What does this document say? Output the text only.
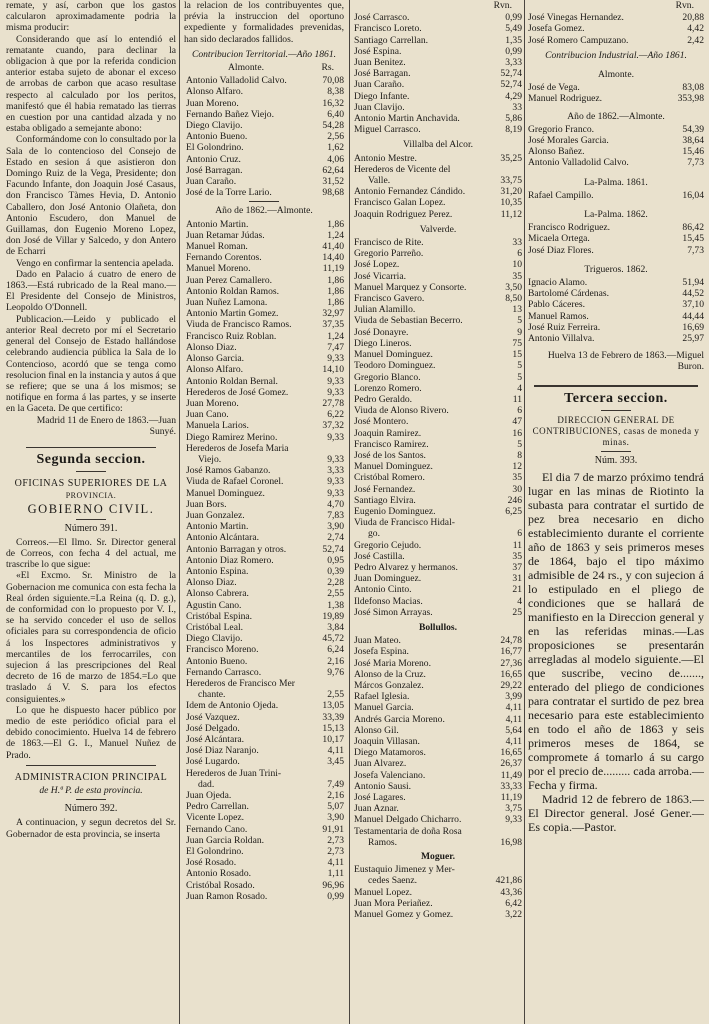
remate, y así, carbon que los gastos calcularon aproximadamente podria la misma producir:

Considerando que así lo entendió el rematante cuando, para declinar la obligacion à que por la referida condicion anterior estaba sujeto de abonar el exceso de arrobas de carbon que acaso resultase respecto al calculado por los peritos, manifestó que él habia rematado las tierras en cuestion por una cantidad alzada y no estaba obligado a semejante abono:

Conformándome con lo consultado por la Sala de lo contencioso del Consejo de Estado en sesion á que asistieron don Domingo Ruiz de la Vega, Presidente; don Facundo Infante, don Joaquin José Casaus, don Francisco Tàmes Hevia, D. Antonio Caballero, don José Antonio Olañeta, don Antonio Escudero, don Manuel de Guillamas, don Eugenio Moreno Lopez, don José de Villar y Salcedo, y don Antero de Echarri

Vengo en confirmar la sentencia apelada.

Dado en Palacio á cuatro de enero de 1863.—Está rubricado de la Real mano.—El Presidente del Consejo de Ministros, Leopoldo O'Donnell.

Publicacion.—Leido y publicado el anterior Real decreto por mí el Secretario general del Consejo de Estado hallándose celebrando audiencia pública la Sala de lo Contencioso, acordó que se tenga como resolucion final en la instancia y autos á que se refiere; que se una á los mismos; se notifique en forma á las partes, y se inserte en la Gaceta. De que certifico:

Madrid 11 de Enero de 1863.—Juan Sunyé.

Segunda seccion.
OFICINAS SUPERIORES DE LA
PROVINCIA.
GOBIERNO CIVIL.
Número 391.

Correos.—El Ilmo. Sr. Director general de Correos, con fecha 4 del actual, me trascribe lo que sigue:

«El Excmo. Sr. Ministro de la Gobernacion me comunica con esta fecha la Real órden siguiente.=La Reina (q. D. g.), de conformidad con lo propuesto por V. I., se ha servido conceder el uso de sellos oficiales para su correspondencia de oficio á los Inspectores administrativos y mercantiles de los ferrocarriles, con sujecion á las prescripciones del Real decreto de 16 de marzo de 1854.=Lo que traslado á V. S. para los efectos consiguientes.»

Lo que he dispuesto hacer público por medio de este periódico oficial para el debido conocimiento. Huelva 14 de febrero de 1863.—El G. I., Manuel Nuñez de Prado.

ADMINISTRACION PRINCIPAL
de H.ª P. de esta provincia.
Número 392.

A continuacion, y segun decretos del Sr. Gobernador de esta provincia, se inserta

la relacion de los contribuyentes que, prévia la instruccion del oportuno expediente y formalidades prevenidas, han sido declarados fallidos.

Contribucion Territorial.—Año 1861.
Almonte.	Rs.
Antonio Valladolid Calvo.	70,08
Alonso Alfaro.	8,38
Juan Moreno.	16,32
Fernando Bañez Viejo.	6,40
Diego Clavijo.	54,28
Antonio Bueno.	2,56
El Golondrino.	1,62
Antonio Cruz.	4,06
José Barragan.	62,64
Juan Caraño.	31,52
José de la Torre Lario.	98,68
Año de 1862.—Almonte.
Antonio Martin.	1,86
Juan Retamar Júdas.	1,24
Manuel Roman.	41,40
Fernando Corentos.	14,40
Manuel Moreno.	11,19
Juan Perez Camallero.	1,86
Antonio Roldan Ramos.	1,86
Juan Nuñez Lamona.	1,86
Antonio Martin Gomez.	32,97
Viuda de Francisco Ramos.	37,35
Francisco Ruiz Roblan.	1,24
Alonso Diaz.	7,47
Alonso Garcia.	9,33
Alonso Alfaro.	14,10
Antonio Roldan Bernal.	9,33
Herederos de José Gomez.	9,33
Juan Moreno.	27,78
Juan Cano.	6,22
Manuela Larios.	37,32
Diego Ramirez Merino.	9,33
Herederos de Josefa Maria
Viejo.	9,33
José Ramos Gabanzo.	3,33
Viuda de Rafael Coronel.	9,33
Manuel Dominguez.	9,33
Juan Bors.	4,70
Juan Gonzalez.	7,83
Antonio Martin.	3,90
Antonio Alcántara.	2,74
Antonio Barragan y otros.	52,74
Antonio Diaz Romero.	0,95
Antonio Espina.	0,39
Alonso Diaz.	2,28
Alonso Cabrera.	2,55
Agustin Cano.	1,38
Cristóbal Espina.	19,89
Cristóbal Leal.	3,84
Diego Clavijo.	45,72
Francisco Moreno.	6,24
Antonio Bueno.	2,16
Fernando Carrasco.	9,76
Herederos de Francisco Mer
chante.	2,55
Idem de Antonio Ojeda.	13,05
José Vazquez.	33,39
José Delgado.	15,13
José Alcántara.	10,17
José Diaz Naranjo.	4,11
José Lugardo.	3,45
Herederos de Juan Trini-
dad.	7,49
Juan Ojeda.	2,16
Pedro Carrellan.	5,07
Vicente Lopez.	3,90
Fernando Cano.	91,91
Juan Garcia Roldan.	2,73
El Golondrino.	2,73
José Rosado.	4,11
Antonio Rosado.	1,11
Cristóbal Rosado.	96,96
Juan Ramon Rosado.	0,99
Rvn.
José Carrasco.	0,99
Francisco Loreto.	5,49
Santiago Carrellan.	1,35
José Espina.	0,99
Juan Benitez.	3,33
José Barragan.	52,74
Juan Caraño.	52,74
Diego Infante.	4,29
Juan Clavijo.	33
Antonio Martin Anchavida.	5,86
Miguel Carrasco.	8,19
Villalba del Alcor.
Antonio Mestre.	35,25
Herederos de Vicente del
Valle.	33,75
Antonio Fernandez Cándido.	31,20
Francisco Galan Lopez.	10,35
Joaquin Rodriguez Perez.	11,12
Valverde.
Francisco de Rite.	33
Gregorio Parreño.	6
José Lopez.	10
José Vicarria.	35
Manuel Marquez y Consorte.	3,50
Francisco Gavero.	8,50
Julian Alamillo.	13
Viuda de Sebastian Becerro.	5
José Donayre.	9
Diego Lineros.	75
Manuel Dominguez.	15
Teodoro Dominguez.	5
Gregorio Blanco.	5
Lorenzo Romero.	4
Pedro Geraldo.	11
Viuda de Alonso Rivero.	6
José Montero.	47
Joaquin Ramirez.	16
Francisco Ramirez.	5
José de los Santos.	8
Manuel Dominguez.	12
Cristóbal Romero.	35
José Fernandez.	30
Santiago Elvira.	246
Eugenio Dominguez.	6,25
Viuda de Francisco Hidal-
go.	6
Gregorio Cejudo.	11
José Castilla.	35
Pedro Alvarez y hermanos.	37
Juan Dominguez.	31
Antonio Cinto.	21
Ildefonso Macias.	4
José Simon Arrayas.	25
Bollullos.
Juan Mateo.	24,78
Josefa Espina.	16,77
José Maria Moreno.	27,36
Alonso de la Cruz.	16,65
Márcos Gonzalez.	29,22
Rafael Iglesia.	3,99
Manuel Garcia.	4,11
Andrés Garcia Moreno.	4,11
Alonso Gil.	5,64
Joaquin Villasan.	4,11
Diego Matamoros.	16,65
Juan Alvarez.	26,37
Josefa Valenciano.	11,49
Antonio Sausi.	33,33
José Lagares.	11,19
Juan Aznar.	3,75
Manuel Delgado Chicharro.	9,33
Testamentaria de doña Rosa
Ramos.	16,98
Moguer.
Eustaquio Jimenez y Mer-
cedes Saenz.	421,86
Manuel Lopez.	43,36
Juan Mora Periañez.	6,42
Manuel Gomez y Gomez.	3,22
Rvn.
José Vinegas Hernandez.	20,88
Josefa Gomez.	4,42
José Romero Campuzano.	2,42
Contribucion Industrial.—Año 1861.
Almonte.
José de Vega.	83,08
Manuel Rodriguez.	353,98
Año de 1862.—Almonte.
Gregorio Franco.	54,39
José Morales Garcia.	38,64
Alonso Bañez.	15,46
Antonio Valladolid Calvo.	7,73
La-Palma. 1861.
Rafael Campillo.	16,04
La-Palma. 1862.
Francisco Rodriguez.	86,42
Micaela Ortega.	15,45
José Diaz Flores.	7,73
Trigueros. 1862.
Ignacio Alamo.	51,94
Bartolomé Cárdenas.	44,52
Pablo Cáceres.	37,10
Manuel Ramos.	44,44
José Ruiz Ferreira.	16,69
Antonio Villalva.	25,97

Huelva 13 de Febrero de 1863.—Miguel Buron.

Tercera seccion.
DIRECCION GENERAL DE CONTRIBUCIONES, casas de moneda y minas.
Núm. 393.

El dia 7 de marzo próximo tendrá lugar en las minas de Riotinto la subasta para contratar el surtido de pez brea necesario en dicho establecimiento durante el corriente año de 1863 y seis primeros meses de 1864, bajo el tipo máximo admisible de 24 rs., y con sujecion á lo estipulado en el pliego de condiciones que se hallará de manifiesto en la Direccion general y en las referidas minas.—Las proposiciones se presentarán arregladas al modelo siguiente.—El que suscribe, vecino de......., enterado del pliego de condiciones para contratar el surtido de pez brea necesario para este establecimiento en todo el año de 1863 y seis primeros meses de 1864, se compromete á tomarlo á su cargo por el precio de......... cada arroba.—Fecha y firma.

Madrid 12 de febrero de 1863.—El Director general. José Gener.—Es copia.—Pastor.
